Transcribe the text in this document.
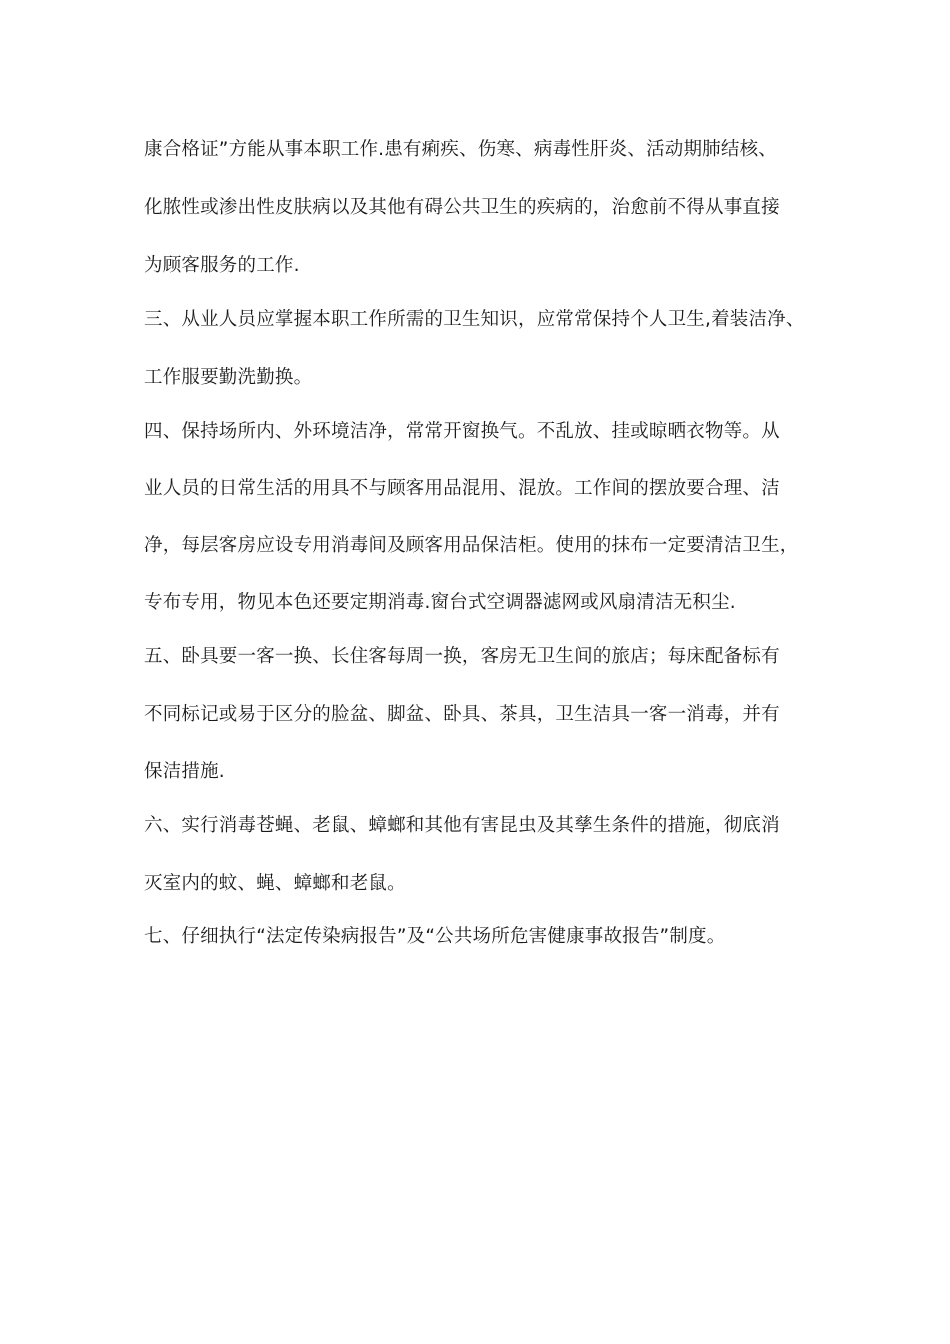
康合格证”方能从事本职工作.患有痢疾、伤寒、病毒性肝炎、活动期肺结核、
化脓性或渗出性皮肤病以及其他有碍公共卫生的疾病的，治愈前不得从事直接
为顾客服务的工作.
三、从业人员应掌握本职工作所需的卫生知识，应常常保持个人卫生,着装洁净、
工作服要勤洗勤换。
四、保持场所内、外环境洁净，常常开窗换气。不乱放、挂或晾晒衣物等。从
业人员的日常生活的用具不与顾客用品混用、混放。工作间的摆放要合理、洁
净，每层客房应设专用消毒间及顾客用品保洁柜。使用的抹布一定要清洁卫生，
专布专用，物见本色还要定期消毒.窗台式空调器滤网或风扇清洁无积尘.
五、卧具要一客一换、长住客每周一换，客房无卫生间的旅店；每床配备标有
不同标记或易于区分的脸盆、脚盆、卧具、茶具，卫生洁具一客一消毒，并有
保洁措施.
六、实行消毒苍蝇、老鼠、蟑螂和其他有害昆虫及其孳生条件的措施，彻底消
灭室内的蚊、蝇、蟑螂和老鼠。
七、仔细执行“法定传染病报告”及“公共场所危害健康事故报告”制度。
